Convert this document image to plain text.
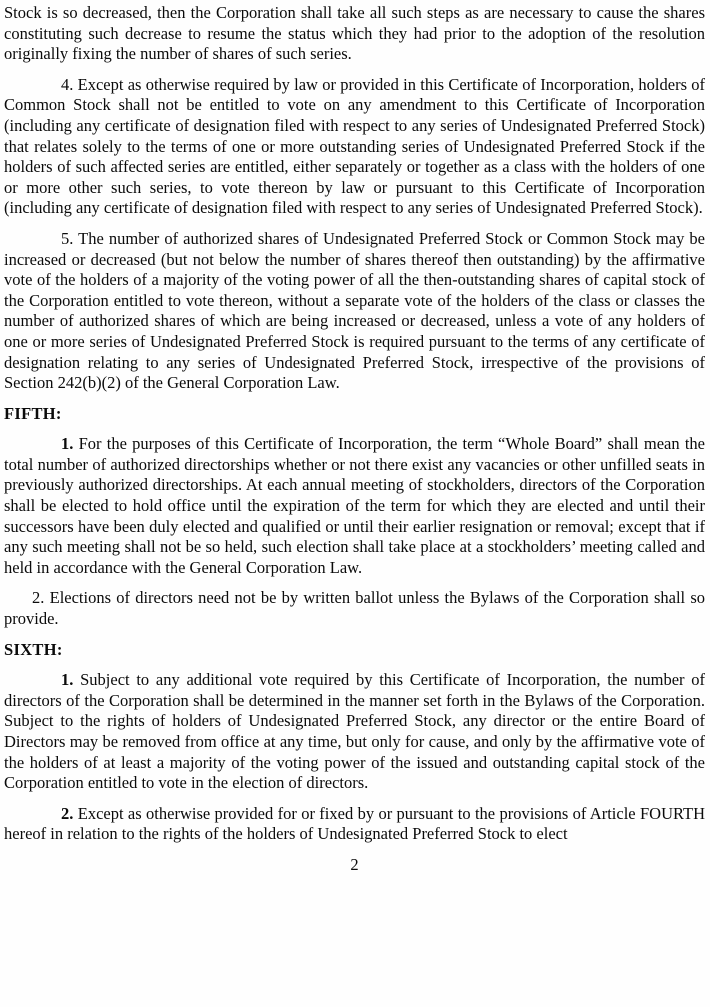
Stock is so decreased, then the Corporation shall take all such steps as are necessary to cause the shares constituting such decrease to resume the status which they had prior to the adoption of the resolution originally fixing the number of shares of such series.

4. Except as otherwise required by law or provided in this Certificate of Incorporation, holders of Common Stock shall not be entitled to vote on any amendment to this Certificate of Incorporation (including any certificate of designation filed with respect to any series of Undesignated Preferred Stock) that relates solely to the terms of one or more outstanding series of Undesignated Preferred Stock if the holders of such affected series are entitled, either separately or together as a class with the holders of one or more other such series, to vote thereon by law or pursuant to this Certificate of Incorporation (including any certificate of designation filed with respect to any series of Undesignated Preferred Stock).

5. The number of authorized shares of Undesignated Preferred Stock or Common Stock may be increased or decreased (but not below the number of shares thereof then outstanding) by the affirmative vote of the holders of a majority of the voting power of all the then-outstanding shares of capital stock of the Corporation entitled to vote thereon, without a separate vote of the holders of the class or classes the number of authorized shares of which are being increased or decreased, unless a vote of any holders of one or more series of Undesignated Preferred Stock is required pursuant to the terms of any certificate of designation relating to any series of Undesignated Preferred Stock, irrespective of the provisions of Section 242(b)(2) of the General Corporation Law.

FIFTH:

1. For the purposes of this Certificate of Incorporation, the term “Whole Board” shall mean the total number of authorized directorships whether or not there exist any vacancies or other unfilled seats in previously authorized directorships. At each annual meeting of stockholders, directors of the Corporation shall be elected to hold office until the expiration of the term for which they are elected and until their successors have been duly elected and qualified or until their earlier resignation or removal; except that if any such meeting shall not be so held, such election shall take place at a stockholders’ meeting called and held in accordance with the General Corporation Law.

2. Elections of directors need not be by written ballot unless the Bylaws of the Corporation shall so provide.

SIXTH:

1. Subject to any additional vote required by this Certificate of Incorporation, the number of directors of the Corporation shall be determined in the manner set forth in the Bylaws of the Corporation. Subject to the rights of holders of Undesignated Preferred Stock, any director or the entire Board of Directors may be removed from office at any time, but only for cause, and only by the affirmative vote of the holders of at least a majority of the voting power of the issued and outstanding capital stock of the Corporation entitled to vote in the election of directors.

2. Except as otherwise provided for or fixed by or pursuant to the provisions of Article FOURTH hereof in relation to the rights of the holders of Undesignated Preferred Stock to elect

2
